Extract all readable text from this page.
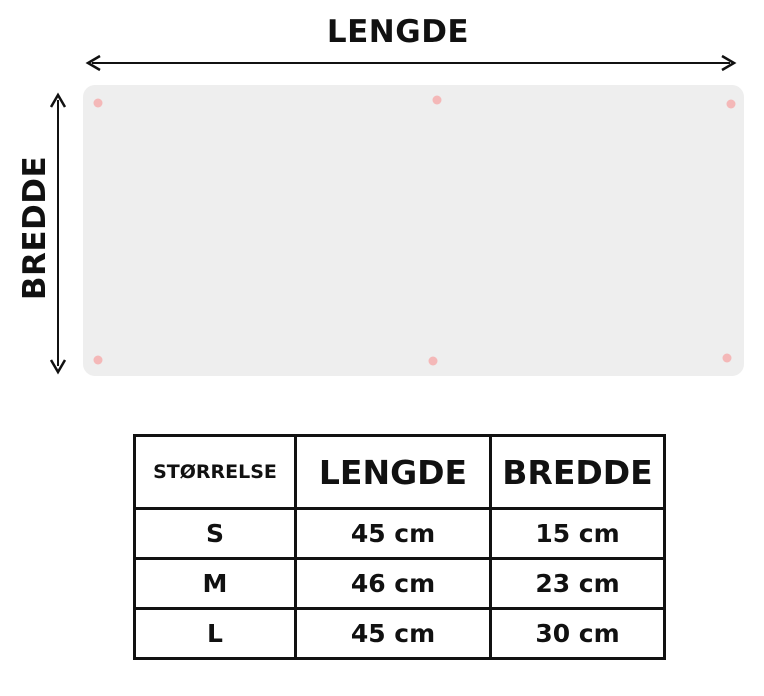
LENGDE
BREDDE
STØRRELSE	LENGDE	BREDDE
S	45 cm	15 cm
M	46 cm	23 cm
L	45 cm	30 cm
